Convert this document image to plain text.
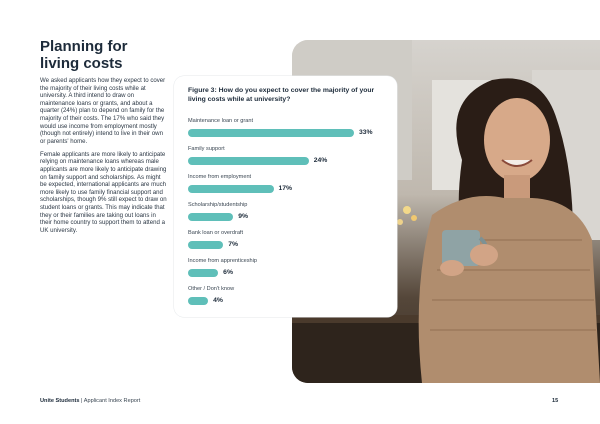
Planning for living costs

We asked applicants how they expect to cover the majority of their living costs while at university. A third intend to draw on maintenance loans or grants, and about a quarter (24%) plan to depend on family for the majority of their costs. The 17% who said they would use income from employment mostly (though not entirely) intend to live in their own or parents' home.

Female applicants are more likely to anticipate relying on maintenance loans whereas male applicants are more likely to anticipate drawing on family support and scholarships. As might be expected, international applicants are much more likely to use family financial support and scholarships, though 9% still expect to draw on student loans or grants. This may indicate that they or their families are taking out loans in their home country to support them to attend a UK university.

Figure 3: How do you expect to cover the majority of your living costs while at university?
Maintenance loan or grant
33%
Family support
24%
Income from employment
17%
Scholarship/studentship
9%
Bank loan or overdraft
7%
Income from apprenticeship
6%
Other / Don't know
4%
Unite Students | Applicant Index Report	15
